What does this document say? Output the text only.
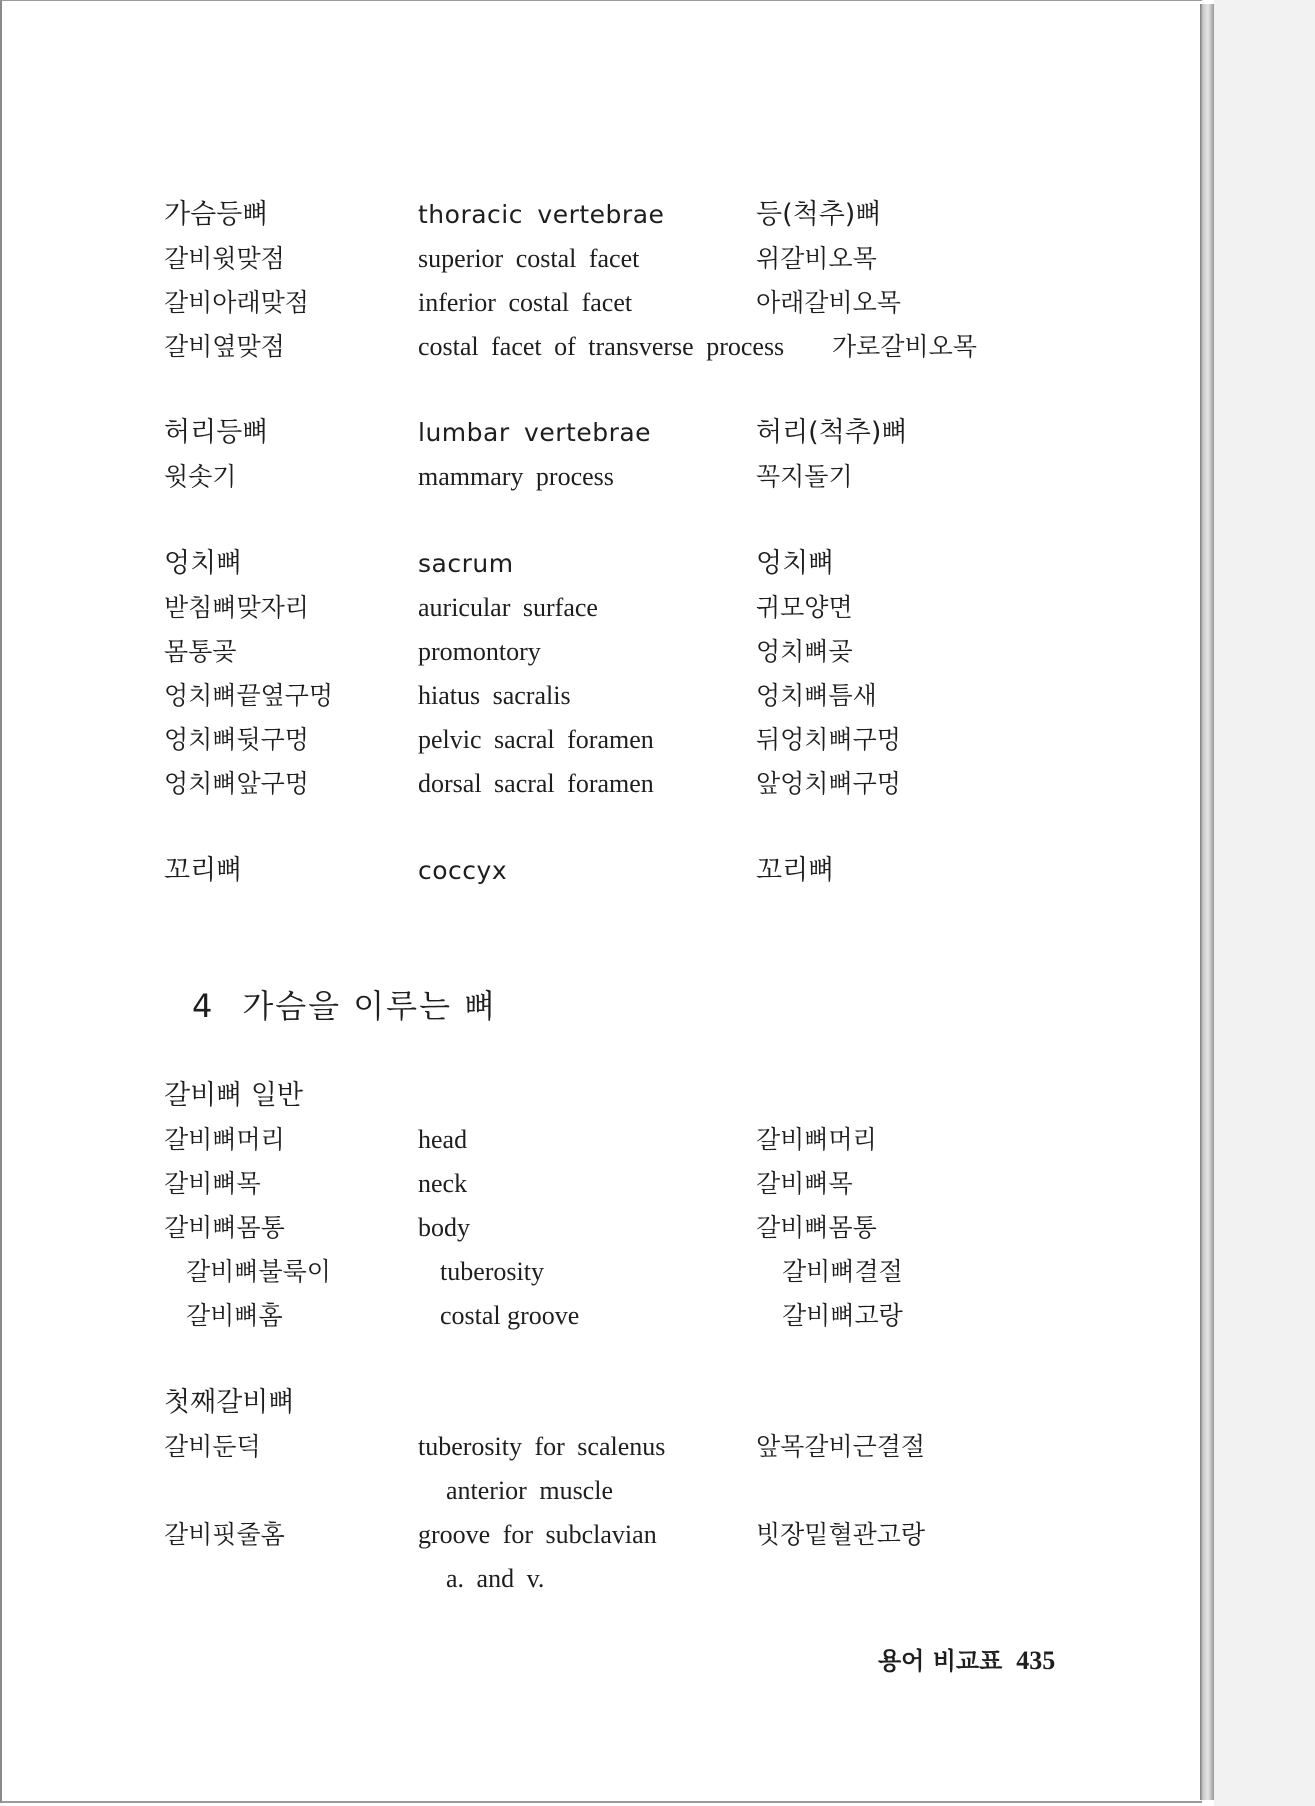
가슴등뼈	thoracic vertebrae	등(척추)뼈
갈비윗맞점	superior costal facet	위갈비오목
갈비아래맞점	inferior costal facet	아래갈비오목
갈비옆맞점	costal facet of transverse process 가로갈비오목
허리등뼈	lumbar vertebrae	허리(척추)뼈
윗솟기	mammary process	꼭지돌기
엉치뼈	sacrum	엉치뼈
받침뼈맞자리	auricular surface	귀모양면
몸통곶	promontory	엉치뼈곶
엉치뼈끝옆구멍	hiatus sacralis	엉치뼈틈새
엉치뼈뒷구멍	pelvic sacral foramen	뒤엉치뼈구멍
엉치뼈앞구멍	dorsal sacral foramen	앞엉치뼈구멍
꼬리뼈	coccyx	꼬리뼈
4 가슴을 이루는 뼈
갈비뼈 일반
갈비뼈머리	head	갈비뼈머리
갈비뼈목	neck	갈비뼈목
갈비뼈몸통	body	갈비뼈몸통
갈비뼈불룩이	tuberosity	갈비뼈결절
갈비뼈홈	costal groove	갈비뼈고랑
첫째갈비뼈
갈비둔덕	tuberosity for scalenus	앞목갈비근결절
anterior muscle
갈비핏줄홈	groove for subclavian	빗장밑혈관고랑
a. and v.
용어 비교표 435
